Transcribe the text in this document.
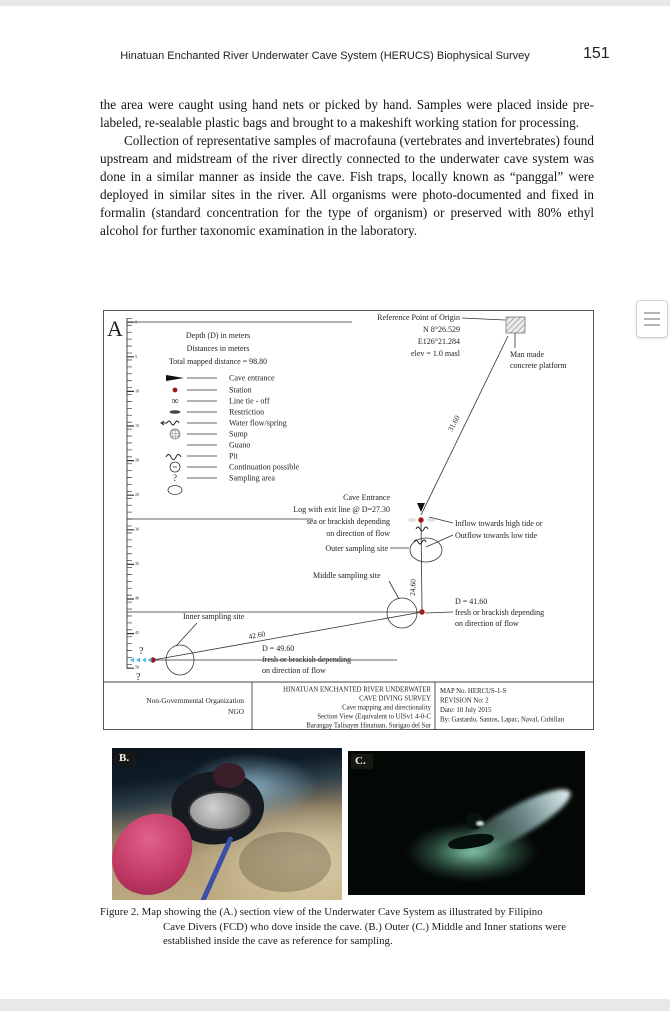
Hinatuan Enchanted River Underwater Cave System (HERUCS) Biophysical Survey	151

the area were caught using hand nets or picked by hand. Samples were placed inside pre-labeled, re-sealable plastic bags and brought to a makeshift working station for processing.

Collection of representative samples of macrofauna (vertebrates and invertebrates) found upstream and midstream of the river directly connected to the underwater cave system was done in a similar manner as inside the cave. Fish traps, locally known as “panggal” were deployed in similar sites in the river. All organisms were photo-documented and fixed in formalin (standard concentration for the type of organism) or preserved with 80% ethyl alcohol for further taxonomic examination in the laboratory.

A	0
5
10
15
20
25
30
35
40
45
50
Depth (D) in meters
Distances in meters
Total mapped distance = 98.80
∞
?
Cave entrance
Station
Line tie - off
Restriction
Water flow/spring
Sump
Guano
Pit
Continuation possible
Sampling area
Reference Point of Origin
N 8°26.529
E126°21.284
elev = 1.0 masl	Man made
concrete platform
31.60
Cave Entrance
Log with exit line @ D=27.30
sea or brackish depending
on direction of flow
Inflow towards high tide or
Outflow towards low tide
Outer sampling site
24.60
Middle sampling site
D = 41.60
fresh or brackish depending
on direction of flow
Inner sampling site
?
?
42.60
D = 49.60
fresh or brackish depending
on direction of flow
Non-Governmental Organization
NGO
HINATUAN ENCHANTED RIVER UNDERWATER
CAVE DIVING SURVEY
Cave mapping and directionality
Section View (Equivalent to UISv1 4-0-C
Barangay Talisaym Hinatuan, Surigao del Sur
MAP No. HERCUS-1-S
REVISION No: 2
Date: 10 July 2015
By: Gastardo, Santos, Lapac, Naval, Cubillan
B.	C.
Figure 2. Map showing the (A.) section view of the Underwater Cave System as illustrated by Filipino
Cave Divers (FCD) who dove inside the cave. (B.) Outer (C.) Middle and Inner stations were
established inside the cave as reference for sampling.
